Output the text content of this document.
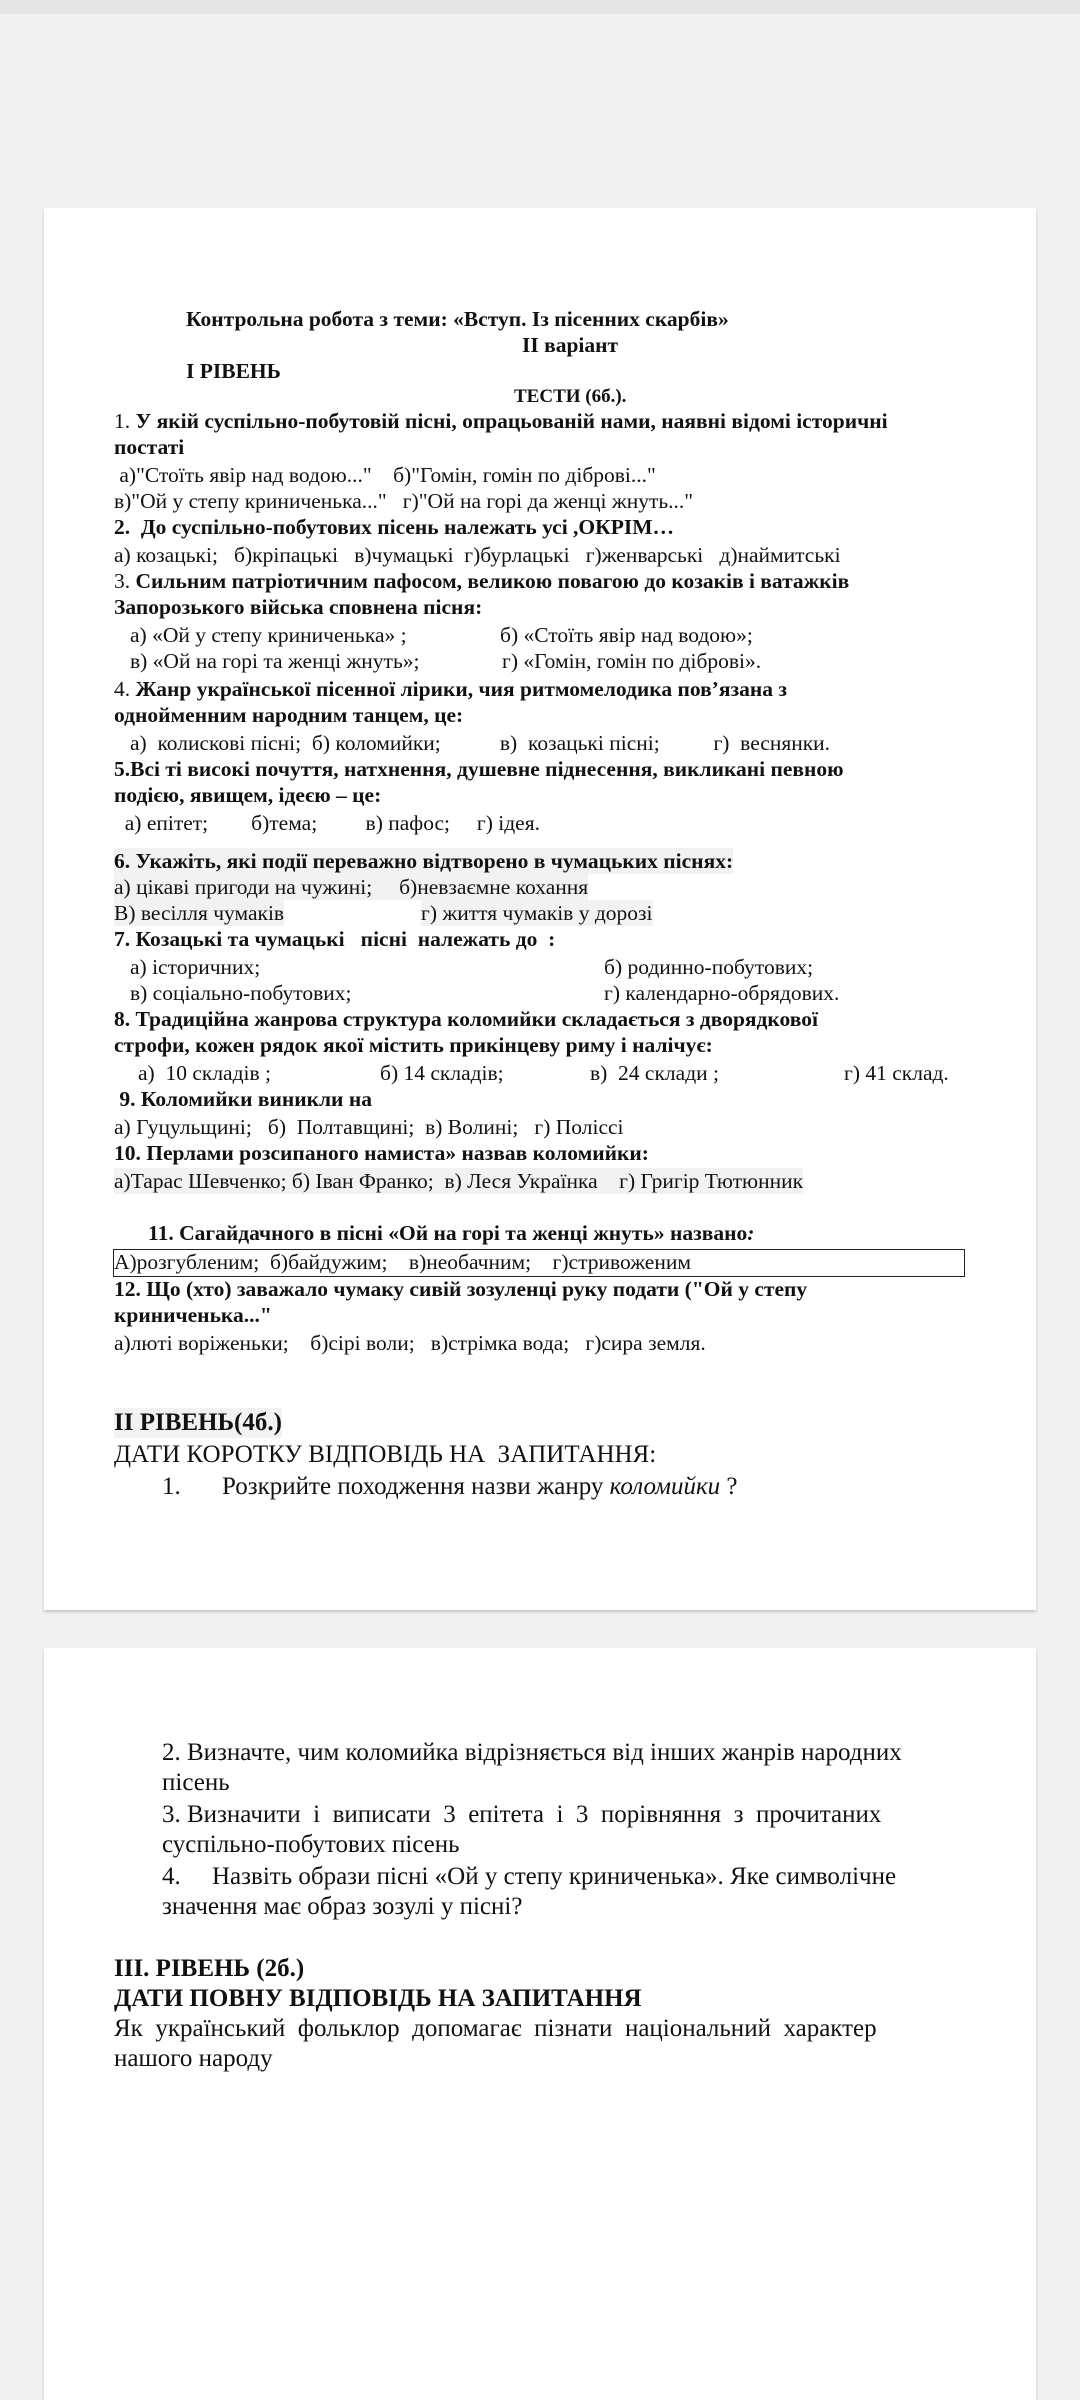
Контрольна робота з теми: «Вступ. Із пісенних скарбів»
ІІ варіант
І РІВЕНЬ
ТЕСТИ (6б.).
1. У якій суспільно-побутовій пісні, опрацьованій нами, наявні відомі історичні
постаті
а)"Стоїть явір над водою..."    б)"Гомін, гомін по діброві..."
в)"Ой у степу криниченька..."   г)"Ой на горі да женці жнуть..."
2.  До суспільно-побутових пісень належать усі ,ОКРІМ…
а) козацькі;   б)кріпацькі   в)чумацькі  г)бурлацькі   г)женварські   д)наймитські
3. Сильним патріотичним пафосом, великою повагою до козаків і ватажків
Запорозького війська сповнена пісня:
а) «Ой у степу криниченька» ;	б) «Стоїть явір над водою»;
в) «Ой на горі та женці жнуть»;	г) «Гомін, гомін по діброві».
4. Жанр української пісенної лірики, чия ритмомелодика пов’язана з
однойменним народним танцем, це:
а)  колискові пісні;  б) коломийки;           в)  козацькі пісні;          г)  веснянки.
5.Всі ті високі почуття, натхнення, душевне піднесення, викликані певною
подією, явищем, ідеєю – це:
а) епітет;        б)тема;         в) пафос;     г) ідея.
6. Укажіть, які події переважно відтворено в чумацьких піснях:
а) цікаві пригоди на чужині;     б)невзаємне кохання
В) весілля чумаків	г) життя чумаків у дорозі
7. Козацькі та чумацькі   пісні  належать до  :
а) історичних;	б) родинно-побутових;
в) соціально-побутових;	г) календарно-обрядових.
8. Традиційна жанрова структура коломийки складається з дворядкової
строфи, кожен рядок якої містить прикінцеву риму і налічує:
а)  10 складів ;	б) 14 складів;	в)  24 склади ;	г) 41 склад.
9. Коломийки виникли на
а) Гуцульщині;   б)  Полтавщині;  в) Волині;   г) Поліссі
10. Перлами розсипаного намиста» назвав коломийки:
а)Тарас Шевченко; б) Іван Франко;  в) Леся Українка    г) Григір Тютюнник
11. Сагайдачного в пісні «Ой на горі та женці жнуть» названо:
А)розгубленим;  б)байдужим;    в)необачним;    г)стривоженим
12. Що (хто) заважало чумаку сивій зозуленці руку подати ("Ой у степу
криниченька..."
а)люті воріженьки;    б)сірі воли;   в)стрімка вода;   г)сира земля.
ІІ РІВЕНЬ(4б.)
ДАТИ КОРОТКУ ВІДПОВІДЬ НА  ЗАПИТАННЯ:
1. Розкрийте походження назви жанру коломийки ?
2. Визначте, чим коломийка відрізняється від інших жанрів народних
пісень
3. Визначити  і  виписати  3  епітета  і  3  порівняння  з  прочитаних
суспільно-побутових пісень
4.     Назвіть образи пісні «Ой у степу криниченька». Яке символічне
значення має образ зозулі у пісні?
ІІІ. РІВЕНЬ (2б.)
ДАТИ ПОВНУ ВІДПОВІДЬ НА ЗАПИТАННЯ
Як  український  фольклор  допомагає  пізнати  національний  характер
нашого народу
